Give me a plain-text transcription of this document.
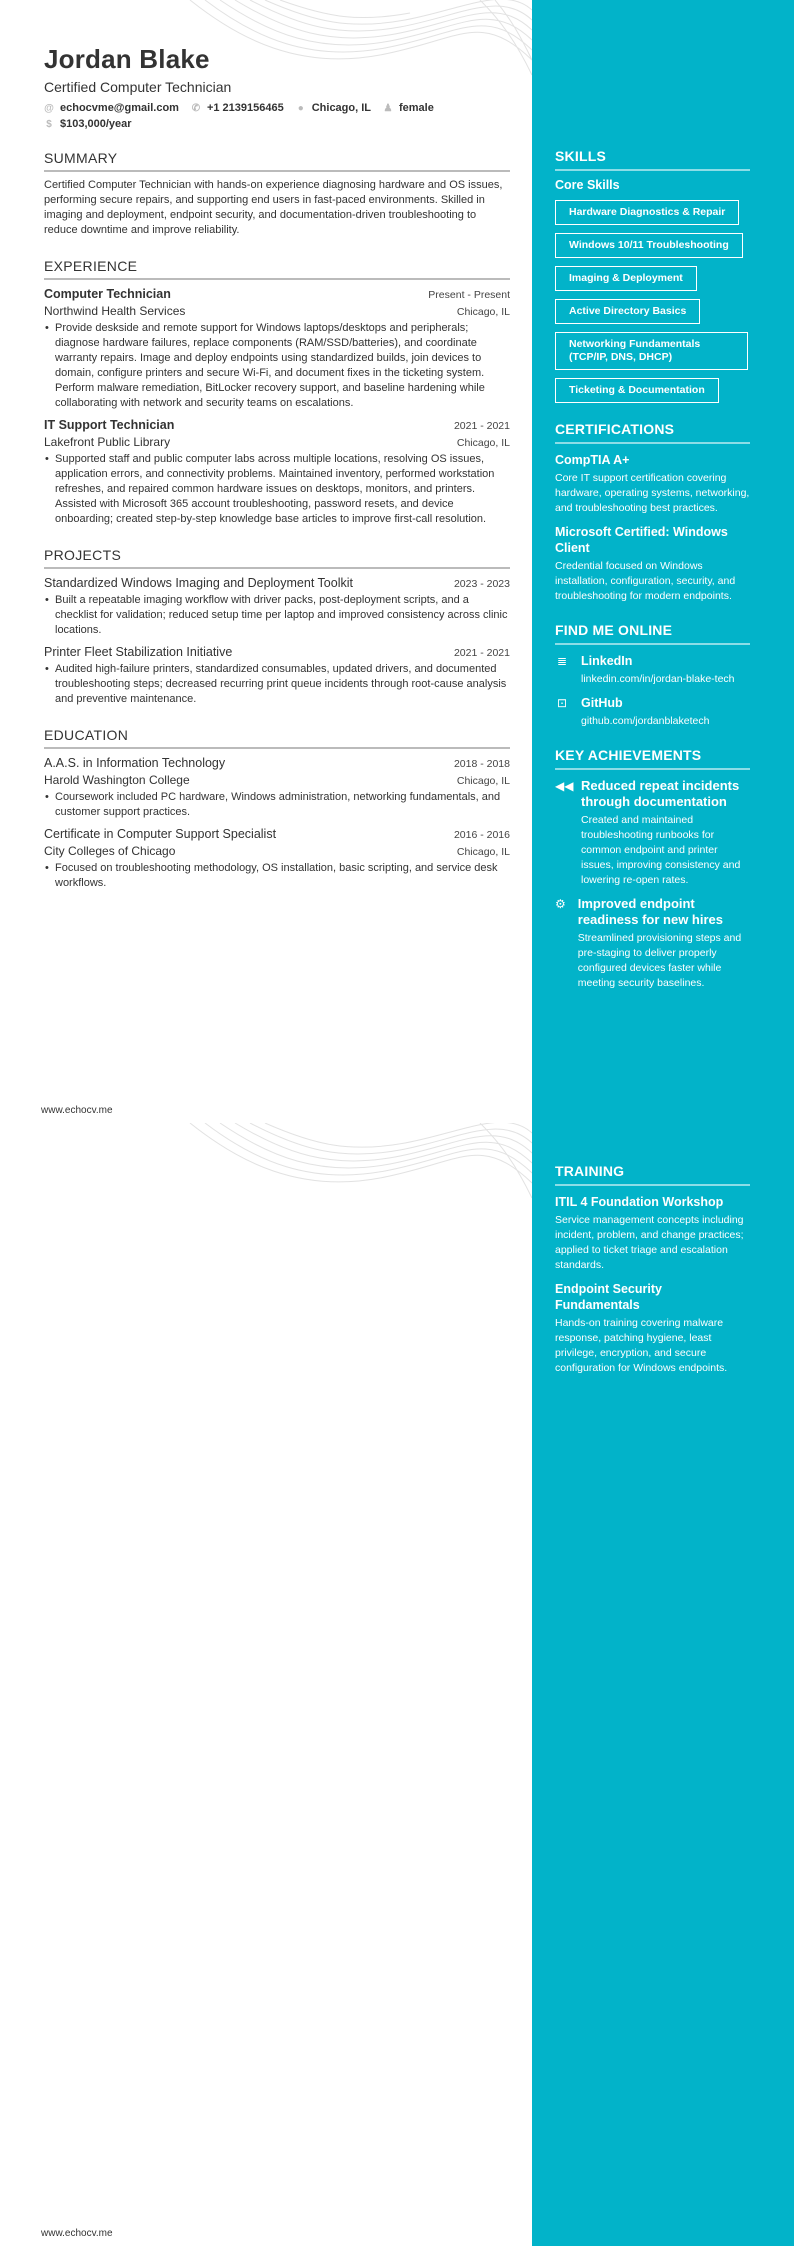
Jordan Blake
Certified Computer Technician
@ echocvme@gmail.com ✆ +1 2139156465 ● Chicago, IL ♟ female
$ $103,000/year
SUMMARY
Certified Computer Technician with hands-on experience diagnosing hardware and OS issues, performing secure repairs, and supporting end users in fast-paced environments. Skilled in imaging and deployment, endpoint security, and documentation-driven troubleshooting to reduce downtime and improve reliability.
EXPERIENCE
Computer Technician	Present - Present
Northwind Health Services	Chicago, IL
• Provide deskside and remote support for Windows laptops/desktops and peripherals; diagnose hardware failures, replace components (RAM/SSD/batteries), and coordinate warranty repairs. Image and deploy endpoints using standardized builds, join devices to domain, configure printers and secure Wi-Fi, and document fixes in the ticketing system. Perform malware remediation, BitLocker recovery support, and baseline hardening while collaborating with network and security teams on escalations.
IT Support Technician	2021 - 2021
Lakefront Public Library	Chicago, IL
• Supported staff and public computer labs across multiple locations, resolving OS issues, application errors, and connectivity problems. Maintained inventory, performed workstation refreshes, and repaired common hardware issues on desktops, monitors, and printers. Assisted with Microsoft 365 account troubleshooting, password resets, and device onboarding; created step-by-step knowledge base articles to improve first-call resolution.
PROJECTS
Standardized Windows Imaging and Deployment Toolkit	2023 - 2023
• Built a repeatable imaging workflow with driver packs, post-deployment scripts, and a checklist for validation; reduced setup time per laptop and improved consistency across clinic locations.
Printer Fleet Stabilization Initiative	2021 - 2021
• Audited high-failure printers, standardized consumables, updated drivers, and documented troubleshooting steps; decreased recurring print queue incidents through root-cause analysis and preventive maintenance.
EDUCATION
A.A.S. in Information Technology	2018 - 2018
Harold Washington College	Chicago, IL
• Coursework included PC hardware, Windows administration, networking fundamentals, and customer support practices.
Certificate in Computer Support Specialist	2016 - 2016
City Colleges of Chicago	Chicago, IL
• Focused on troubleshooting methodology, OS installation, basic scripting, and service desk workflows.
SKILLS
Core Skills
Hardware Diagnostics & Repair
Windows 10/11 Troubleshooting
Imaging & Deployment
Active Directory Basics
Networking Fundamentals (TCP/IP, DNS, DHCP)
Ticketing & Documentation
CERTIFICATIONS
CompTIA A+
Core IT support certification covering hardware, operating systems, networking, and troubleshooting best practices.
Microsoft Certified: Windows Client
Credential focused on Windows installation, configuration, security, and troubleshooting for modern endpoints.
FIND ME ONLINE
≣ LinkedIn
linkedin.com/in/jordan-blake-tech
⊡ GitHub
github.com/jordanblaketech
KEY ACHIEVEMENTS
◀◀ Reduced repeat incidents through documentation
Created and maintained troubleshooting runbooks for common endpoint and printer issues, improving consistency and lowering re-open rates.
⚙ Improved endpoint readiness for new hires
Streamlined provisioning steps and pre-staging to deliver properly configured devices faster while meeting security baselines.
www.echocv.me
TRAINING
ITIL 4 Foundation Workshop
Service management concepts including incident, problem, and change practices; applied to ticket triage and escalation standards.
Endpoint Security Fundamentals
Hands-on training covering malware response, patching hygiene, least privilege, encryption, and secure configuration for Windows endpoints.
www.echocv.me
